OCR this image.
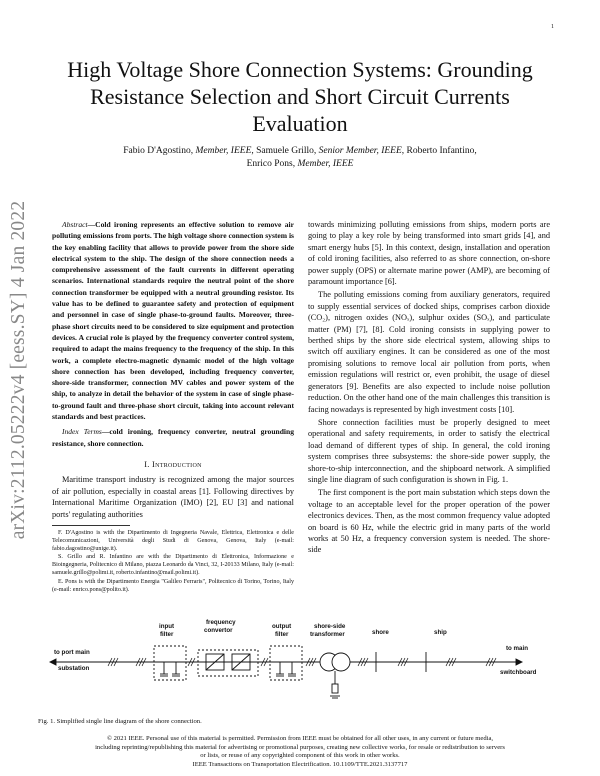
1
arXiv:2112.05222v4 [eess.SY] 4 Jan 2022
High Voltage Shore Connection Systems: Grounding Resistance Selection and Short Circuit Currents Evaluation
Fabio D'Agostino, Member, IEEE, Samuele Grillo, Senior Member, IEEE, Roberto Infantino,
Enrico Pons, Member, IEEE

Abstract—Cold ironing represents an effective solution to remove air polluting emissions from ports. The high voltage shore connection system is the key enabling facility that allows to provide power from the shore side electrical system to the ship. The design of the shore connection needs a comprehensive assessment of the fault currents in different operating scenarios. International standards require the neutral point of the shore connection transformer be equipped with a neutral grounding resistor. Its value has to be defined to guarantee safety and protection of equipment and personnel in case of single phase-to-ground faults. Moreover, three-phase short circuits need to be considered to size equipment and protection devices. A crucial role is played by the frequency converter control system, required to adapt the mains frequency to the frequency of the ship. In this work, a complete electro-magnetic dynamic model of the high voltage shore connection has been developed, including frequency converter, shore-side transformer, connection MV cables and power system of the ship, to analyze in detail the behavior of the system in case of single phase-to-ground fault and three-phase short circuit, taking into account relevant standards and best practices.

Index Terms—cold ironing, frequency converter, neutral grounding resistance, shore connection.

I. Introduction

Maritime transport industry is recognized among the major sources of air pollution, especially in coastal areas [1]. Following directives by International Maritime Organization (IMO) [2], EU [3] and national ports' regulating authorities

F. D'Agostino is with the Dipartimento di Ingegneria Navale, Elettrica, Elettronica e delle Telecomunicazioni, Università degli Studi di Genova, Genova, Italy (e-mail: fabio.dagostino@unige.it).

S. Grillo and R. Infantino are with the Dipartimento di Elettronica, Informazione e Bioingegneria, Politecnico di Milano, piazza Leonardo da Vinci, 32, I-20133 Milano, Italy (e-mail: samuele.grillo@polimi.it, roberto.infantino@mail.polimi.it).

E. Pons is with the Dipartimento Energia "Galileo Ferraris", Politecnico di Torino, Torino, Italy (e-mail: enrico.pons@polito.it).

towards minimizing polluting emissions from ships, modern ports are going to play a key role by being transformed into smart grids [4], and smart energy hubs [5]. In this context, design, installation and operation of cold ironing facilities, also referred to as shore connection, on-shore power supply (OPS) or alternate marine power (AMP), are becoming of paramount importance [6].

The polluting emissions coming from auxiliary generators, required to supply essential services of docked ships, comprises carbon dioxide (CO₂), nitrogen oxides (NOₓ), sulphur oxides (SOₓ), and particulate matter (PM) [7], [8]. Cold ironing consists in supplying power to berthed ships by the shore side electrical system, allowing ships to switch off auxiliary engines. It can be considered as one of the most promising solutions to remove local air pollution from ports, when emission regulations will restrict or, even prohibit, the usage of diesel generators [9]. Benefits are also expected to include noise pollution reduction. On the other hand one of the main challenges this transition is facing nowadays is represented by high investment costs [10].

Shore connection facilities must be properly designed to meet operational and safety requirements, in order to satisfy the electrical load demand of different types of ship. In general, the cold ironing system comprises three subsystems: the shore-side power supply, the shore-to-ship interconnection, and the shipboard network. A simplified single line diagram of such configuration is shown in Fig. 1.

The first component is the port main substation which steps down the voltage to an acceptable level for the proper operation of the power electronics devices. Then, as the most common frequency value adopted on board is 60 Hz, while the electric grid in many parts of the world works at 50 Hz, a frequency conversion system is needed. The shore-side

to port main
substation
input
filter
frequency
convertor
output
filter
shore-side
transformer	shore	ship
to main
switchboard
Fig. 1. Simplified single line diagram of the shore connection.
© 2021 IEEE. Personal use of this material is permitted. Permission from IEEE must be obtained for all other uses, in any current or future media,
including reprinting/republishing this material for advertising or promotional purposes, creating new collective works, for resale or redistribution to servers
or lists, or reuse of any copyrighted component of this work in other works.
IEEE Transactions on Transportation Electrification. 10.1109/TTE.2021.3137717
